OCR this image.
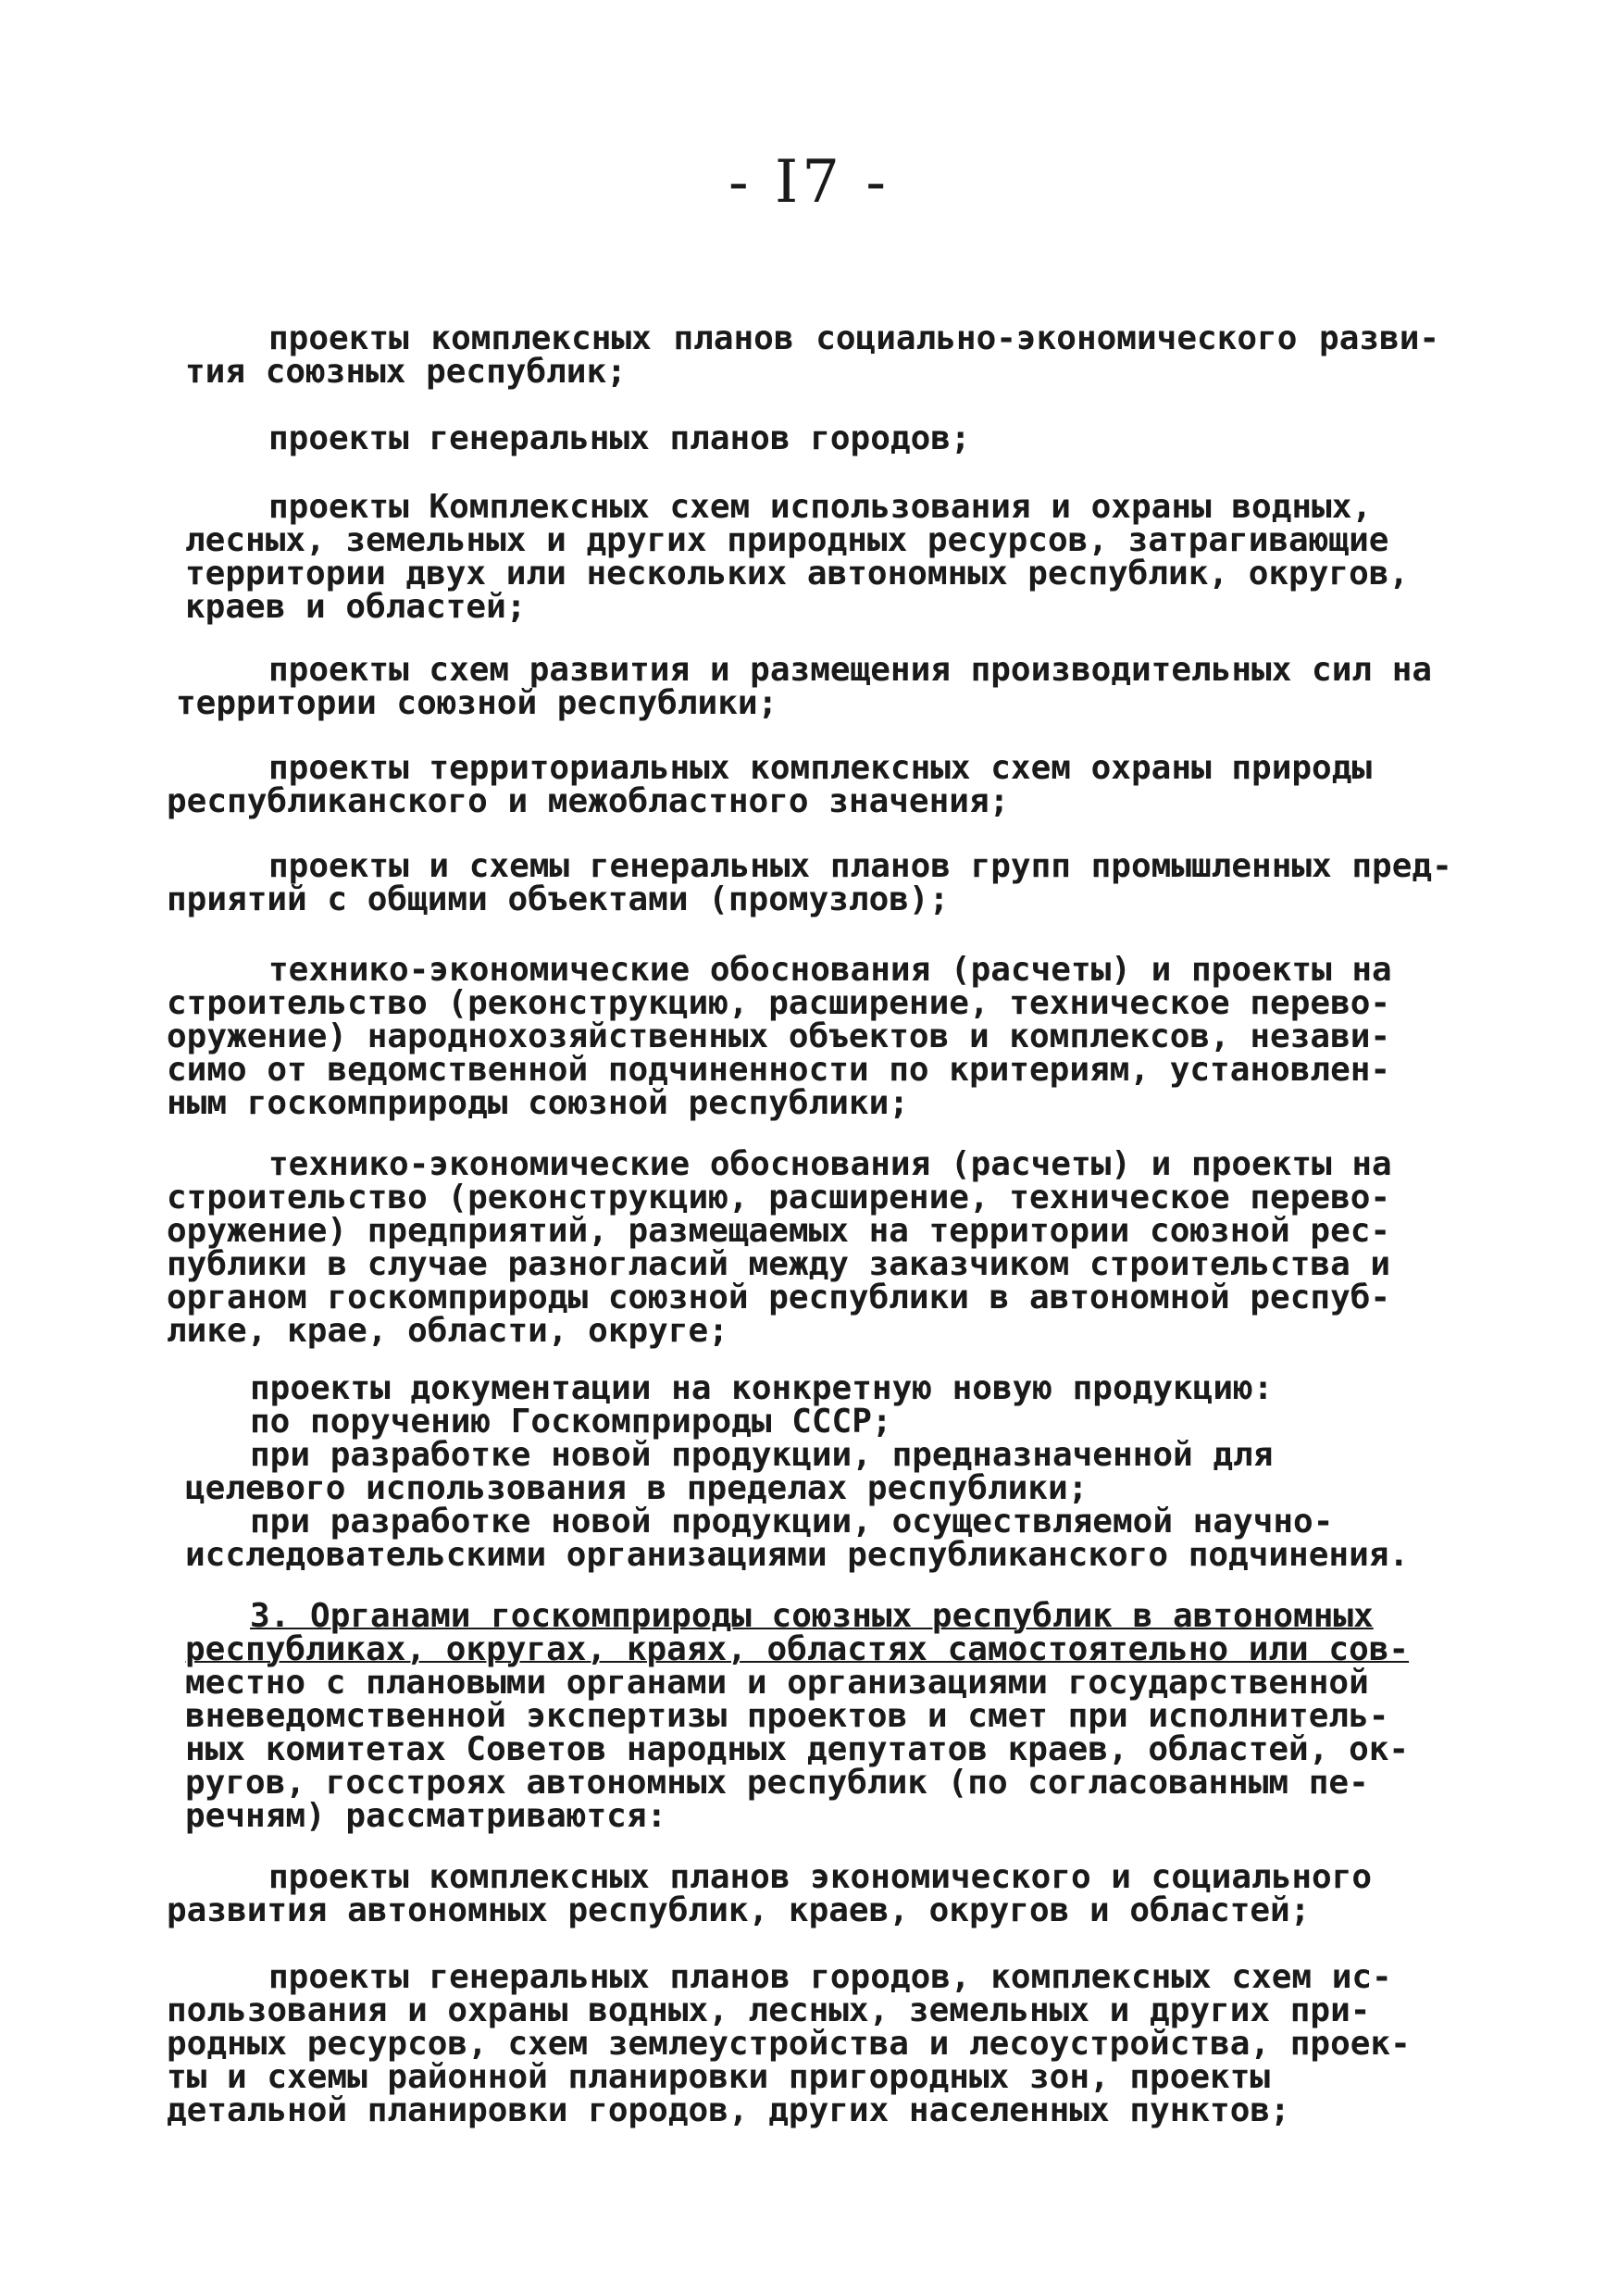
- I7 -
проекты комплексных планов социально-экономического разви-
тия союзных республик;
проекты генеральных планов городов;
проекты Комплексных схем использования и охраны водных,
лесных, земельных и других природных ресурсов, затрагивающие
территории двух или нескольких автономных республик, округов,
краев и областей;
проекты схем развития и размещения производительных сил на
территории союзной республики;
проекты территориальных комплексных схем охраны природы
республиканского и межобластного значения;
проекты и схемы генеральных планов групп промышленных пред-
приятий с общими объектами (промузлов);
технико-экономические обоснования (расчеты) и проекты на
строительство (реконструкцию, расширение, техническое перево-
оружение) народнохозяйственных объектов и комплексов, незави-
симо от ведомственной подчиненности по критериям, установлен-
ным госкомприроды союзной республики;
технико-экономические обоснования (расчеты) и проекты на
строительство (реконструкцию, расширение, техническое перево-
оружение) предприятий, размещаемых на территории союзной рес-
публики в случае разногласий между заказчиком строительства и
органом госкомприроды союзной республики в автономной респуб-
лике, крае, области, округе;
проекты документации на конкретную новую продукцию:
по поручению Госкомприроды СССР;
при разработке новой продукции, предназначенной для
целевого использования в пределах республики;
при разработке новой продукции, осуществляемой научно-
исследовательскими организациями республиканского подчинения.
3. Органами госкомприроды союзных республик в автономных
республиках, округах, краях, областях самостоятельно или сов-
местно с плановыми органами и организациями государственной
вневедомственной экспертизы проектов и смет при исполнитель-
ных комитетах Советов народных депутатов краев, областей, ок-
ругов, госстроях автономных республик (по согласованным пе-
речням) рассматриваются:
проекты комплексных планов экономического и социального
развития автономных республик, краев, округов и областей;
проекты генеральных планов городов, комплексных схем ис-
пользования и охраны водных, лесных, земельных и других при-
родных ресурсов, схем землеустройства и лесоустройства, проек-
ты и схемы районной планировки пригородных зон, проекты
детальной планировки городов, других населенных пунктов;
